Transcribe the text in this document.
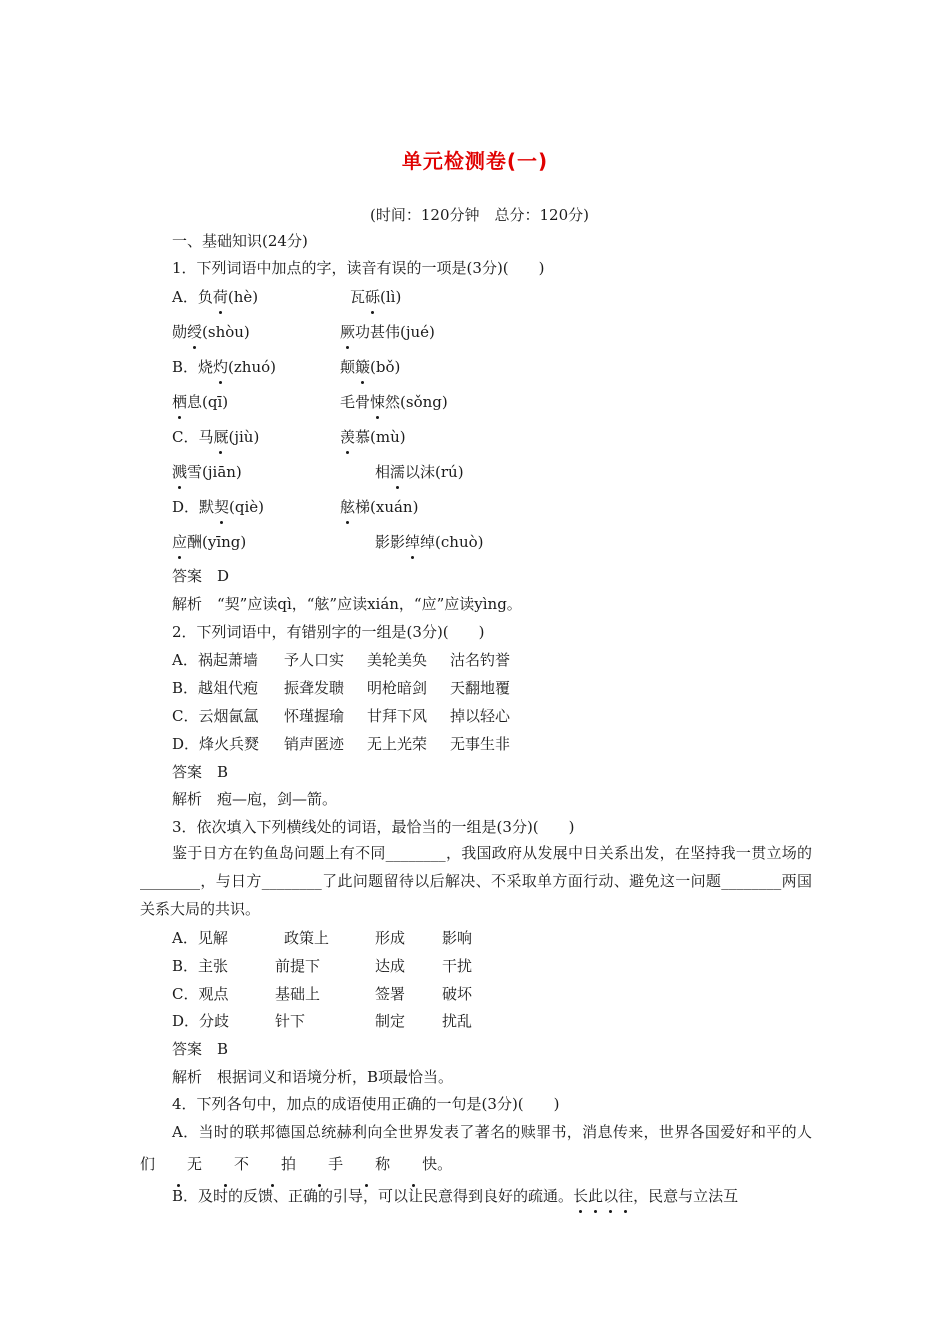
单元检测卷(一)
(时间：120分钟　总分：120分)
一、基础知识(24分)
1．下列词语中加点的字，读音有误的一项是(3分)(　　)
A．负荷(hè)	瓦砾(lì)
勋绶(shòu)	厥功甚伟(jué)
B．烧灼(zhuó)	颠簸(bǒ)
栖息(qī)	毛骨悚然(sǒng)
C．马厩(jiù)	羡慕(mù)
溅雪(jiān)	相濡以沫(rú)
D．默契(qiè)	舷梯(xuán)
应酬(yīng)	影影绰绰(chuò)
答案　D
解析　“契”应读qì，“舷”应读xián，“应”应读yìng。
2．下列词语中，有错别字的一组是(3分)(　　)
A．祸起萧墙 予人口实 美轮美奂 沽名钓誉
B．越俎代疱 振聋发聩 明枪暗剑 天翻地覆
C．云烟氤氲 怀瑾握瑜 甘拜下风 掉以轻心
D．烽火兵燹 销声匿迹 无上光荣 无事生非
答案　B
解析　疱—庖，剑—箭。
3．依次填入下列横线处的词语，最恰当的一组是(3分)(　　)
鉴于日方在钓鱼岛问题上有不同________，我国政府从发展中日关系出发，在坚持我一贯立场的________，与日方________了此问题留待以后解决、不采取单方面行动、避免这一问题________两国关系大局的共识。
A．见解	政策上	形成 影响
B．主张	前提下	达成 干扰
C．观点	基础上	签署 破坏
D．分歧	针下	制定 扰乱
答案　B
解析　根据词义和语境分析，B项最恰当。
4．下列各句中，加点的成语使用正确的一句是(3分)(　　)
A．当时的联邦德国总统赫利向全世界发表了著名的赎罪书，消息传来，世界各国爱好和平的人们 无 不 拍 手 称 快。
B．及时的反馈、正确的引导，可以让民意得到良好的疏通。长此以往，民意与立法互
